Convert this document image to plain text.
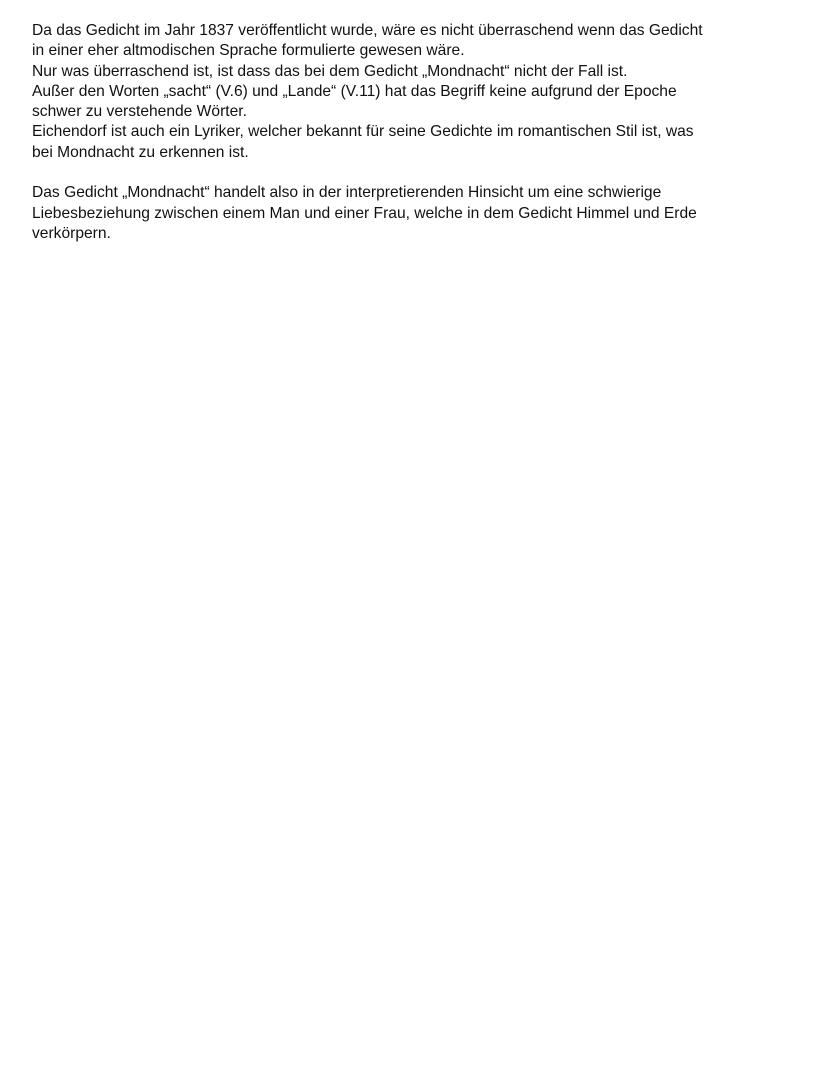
Da das Gedicht im Jahr 1837 veröffentlicht wurde, wäre es nicht überraschend wenn das Gedicht
in einer eher altmodischen Sprache formulierte gewesen wäre.
Nur was überraschend ist, ist dass das bei dem Gedicht „Mondnacht“ nicht der Fall ist.
Außer den Worten „sacht“ (V.6) und „Lande“ (V.11) hat das Begriff keine aufgrund der Epoche
schwer zu verstehende Wörter.
Eichendorf ist auch ein Lyriker, welcher bekannt für seine Gedichte im romantischen Stil ist, was
bei Mondnacht zu erkennen ist.
Das Gedicht „Mondnacht“ handelt also in der interpretierenden Hinsicht um eine schwierige
Liebesbeziehung zwischen einem Man und einer Frau, welche in dem Gedicht Himmel und Erde
verkörpern.
